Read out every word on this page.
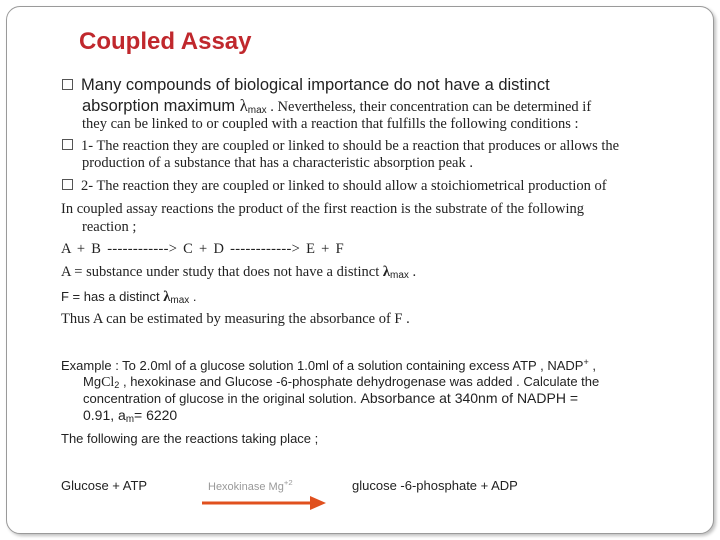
Coupled Assay
Many compounds of biological importance do not have a distinct
absorption maximum $\lambda_{max}$ . Nevertheless, their concentration can be determined if
they can be linked to or coupled with a reaction that fulfills the following conditions :
1- The reaction they are coupled or linked to should be a reaction that produces or allows the
production of a substance that has a characteristic absorption peak .
2- The reaction they are coupled or linked to should allow a stoichiometrical production of
In coupled assay reactions the product of the first reaction is the substrate of the following
reaction ;
A + B ------------> C + D ------------> E + F
A = substance under study that does not have a distinct $\lambda_{max}$ .
F = has a distinct $\lambda_{max}$ .
Thus A can be estimated by measuring the absorbance of F .
Example : To 2.0ml of a glucose solution 1.0ml of a solution containing excess ATP , NADP+ ,
MgCl$_2$ , hexokinase and Glucose -6-phosphate dehydrogenase was added . Calculate the
concentration of glucose in the original solution. Absorbance at 340nm of NADPH =
0.91, $a_m= 6220$
The following are the reactions taking place ;
Glucose + ATP	Hexokinase $Mg^{+2}$	glucose -6-phosphate + ADP
